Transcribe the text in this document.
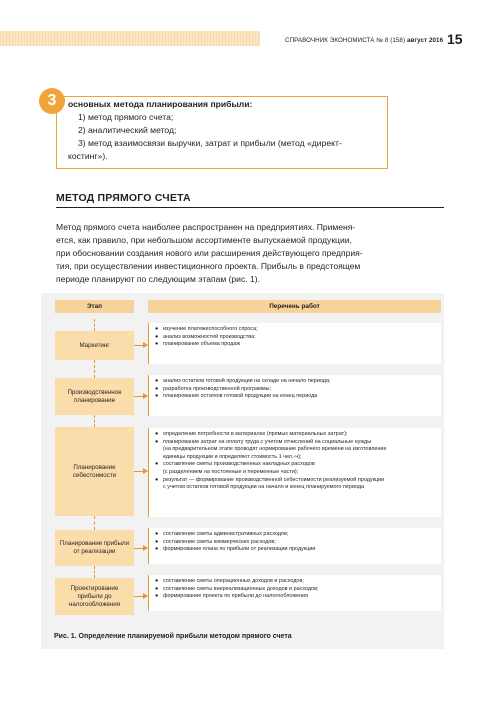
СПРАВОЧНИК ЭКОНОМИСТА № 8 (158) август 2016 15
3	основных метода планирования прибыли:
1) метод прямого счета;
2) аналитический метод;
3) метод взаимосвязи выручки, затрат и прибыли (метод «директ-
костинг»).
МЕТОД ПРЯМОГО СЧЕТА
Метод прямого счета наиболее распространен на предприятиях. Применя-
ется, как правило, при небольшом ассортименте выпускаемой продукции,
при обосновании создания нового или расширения действующего предприя-
тия, при осуществлении инвестиционного проекта. Прибыль в предстоящем
периоде планируют по следующим этапам (рис. 1).
Этап	Перечень работ
Маркетинг
● изучение платежеспособного спроса;
● анализ возможностей производства;
● планирование объема продаж
Производственное планирование
● анализ остатков готовой продукции на складе на начало периода;
● разработка производственной программы;
● планирование остатков готовой продукции на конец периода
Планирование себестоимости
● определение потребности в материалах (прямых материальных затрат);
● планирование затрат на оплату труда с учетом отчислений на социальные нужды
(на предварительном этапе проводят нормирование рабочего времени на изготовление
единицы продукции и определяют стоимость 1 чел.-ч);
● составление сметы производственных накладных расходов
(с разделением на постоянные и переменные части);
● результат — формирование производственной себестоимости реализуемой продукции
с учетом остатков готовой продукции на начало и конец планируемого периода
Планирование прибыли от реализации
● составление сметы административных расходов;
● составление сметы коммерческих расходов;
● формирование плана по прибыли от реализации продукции
Проектирование прибыли до налогообложения
● составление сметы операционных доходов и расходов;
● составление сметы внереализационных доходов и расходов;
● формирование проекта по прибыли до налогообложения
Рис. 1. Определение планируемой прибыли методом прямого счета
